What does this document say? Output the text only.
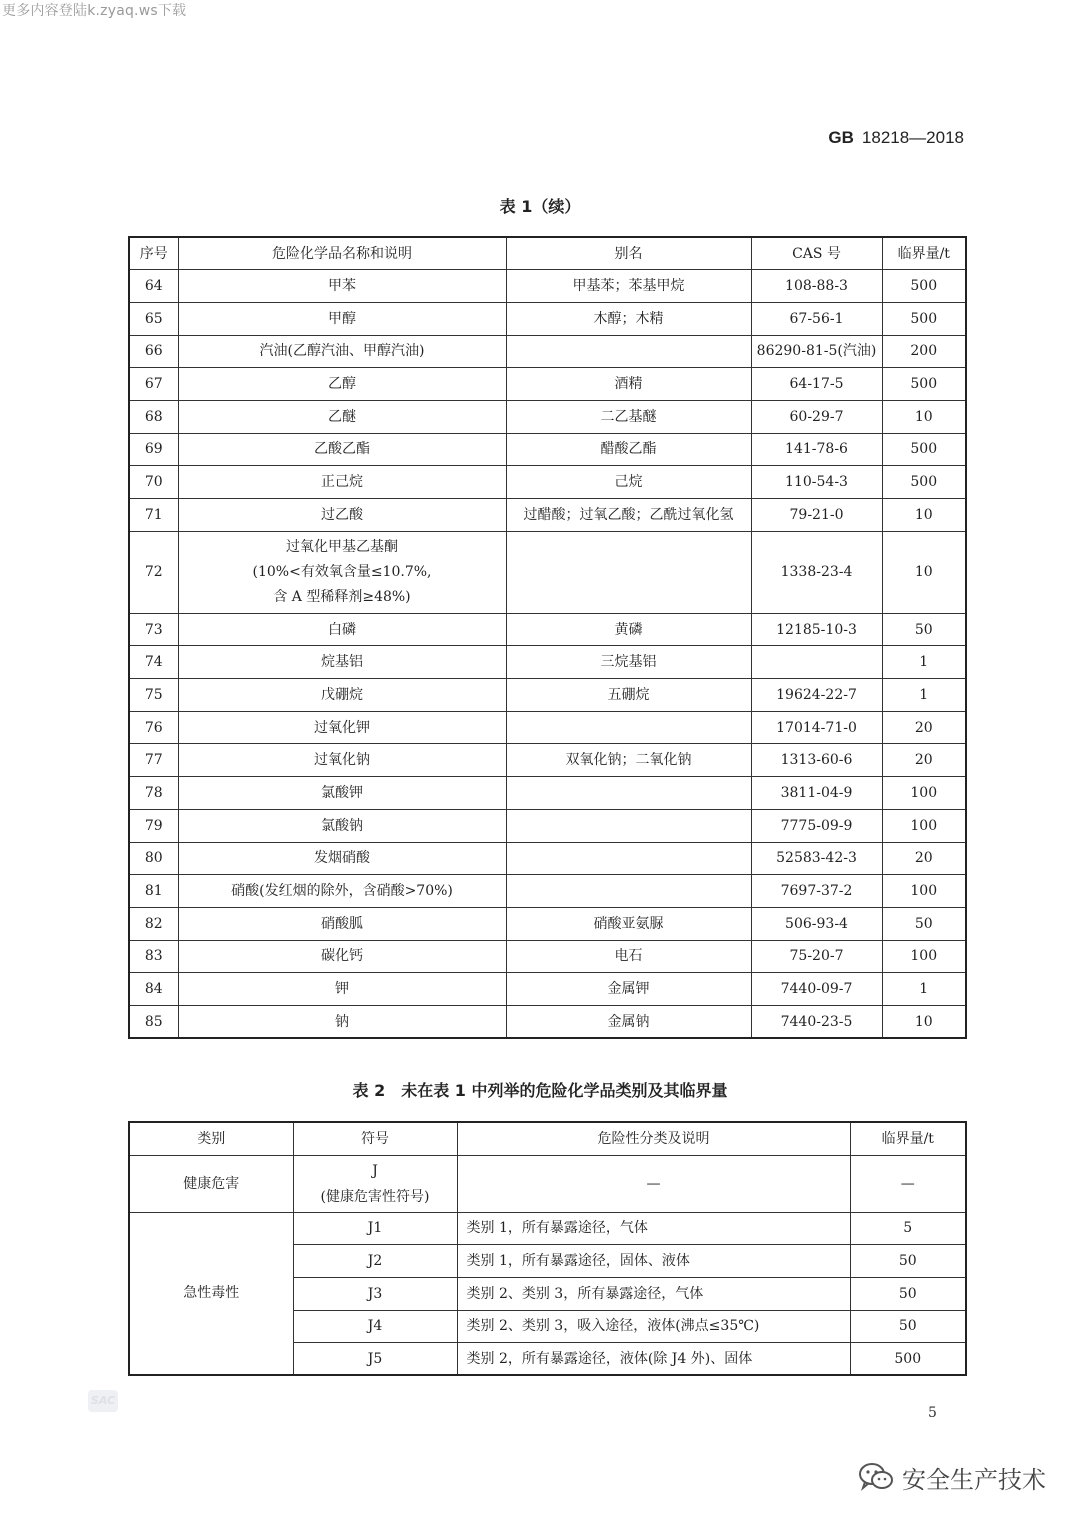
更多内容登陆k.zyaq.ws下载
GB 18218—2018
表 1（续）
序号	危险化学品名称和说明	别名	CAS 号	临界量/t
64	甲苯	甲基苯；苯基甲烷	108-88-3	500
65	甲醇	木醇；木精	67-56-1	500
66	汽油(乙醇汽油、甲醇汽油)		86290-81-5(汽油)	200
67	乙醇	酒精	64-17-5	500
68	乙醚	二乙基醚	60-29-7	10
69	乙酸乙酯	醋酸乙酯	141-78-6	500
70	正己烷	己烷	110-54-3	500
71	过乙酸	过醋酸；过氧乙酸；乙酰过氧化氢	79-21-0	10
72	过氧化甲基乙基酮
(10%<有效氧含量≤10.7%,
含 A 型稀释剂≥48%)		1338-23-4	10
73	白磷	黄磷	12185-10-3	50
74	烷基铝	三烷基铝		1
75	戊硼烷	五硼烷	19624-22-7	1
76	过氧化钾		17014-71-0	20
77	过氧化钠	双氧化钠；二氧化钠	1313-60-6	20
78	氯酸钾		3811-04-9	100
79	氯酸钠		7775-09-9	100
80	发烟硝酸		52583-42-3	20
81	硝酸(发红烟的除外，含硝酸>70%)		7697-37-2	100
82	硝酸胍	硝酸亚氨脲	506-93-4	50
83	碳化钙	电石	75-20-7	100
84	钾	金属钾	7440-09-7	1
85	钠	金属钠	7440-23-5	10
表 2　未在表 1 中列举的危险化学品类别及其临界量
类别	符号	危险性分类及说明	临界量/t
健康危害	J
(健康危害性符号)	—	—
急性毒性	J1	类别 1，所有暴露途径，气体	5
	J2	类别 1，所有暴露途径，固体、液体	50
	J3	类别 2、类别 3，所有暴露途径，气体	50
	J4	类别 2、类别 3，吸入途径，液体(沸点≤35℃)	50
	J5	类别 2，所有暴露途径，液体(除 J4 外)、固体	500
SAC
5
安全生产技术
